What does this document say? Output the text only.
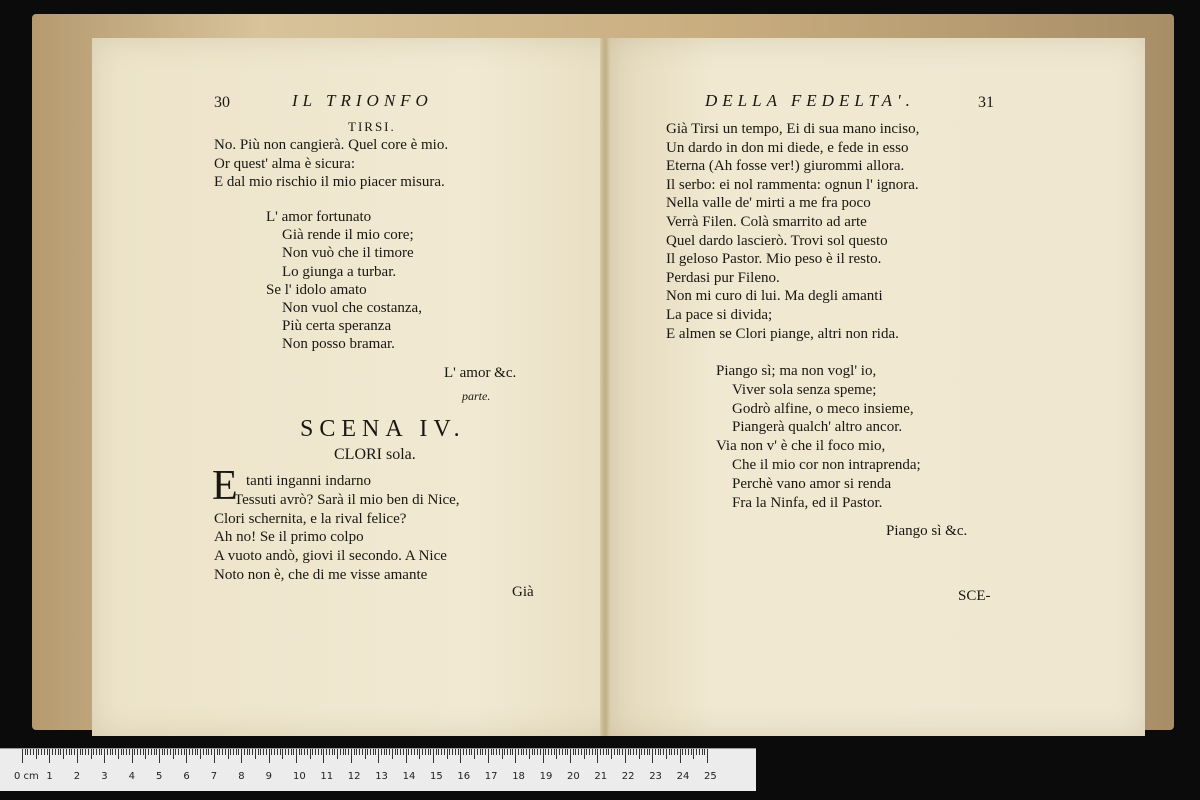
30	IL TRIONFO
TIRSI.
No. Più non cangierà. Quel core è mio.
Or quest' alma è sicura:
E dal mio rischio il mio piacer misura.
L' amor fortunato
Già rende il mio core;
Non vuò che il timore
Lo giunga a turbar.
Se l' idolo amato
Non vuol che costanza,
Più certa speranza
Non posso bramar.
L' amor &c.
parte.
SCENA IV.
CLORI sola.
E tanti inganni indarno
Tessuti avrò? Sarà il mio ben di Nice,
Clori schernita, e la rival felice?
Ah no! Se il primo colpo
A vuoto andò, giovi il secondo. A Nice
Noto non è, che di me visse amante
Già
DELLA FEDELTA'.	31
Già Tirsi un tempo, Ei di sua mano inciso,
Un dardo in don mi diede, e fede in esso
Eterna (Ah fosse ver!) giurommi allora.
Il serbo: ei nol rammenta: ognun l' ignora.
Nella valle de' mirti a me fra poco
Verrà Filen. Colà smarrito ad arte
Quel dardo lascierò. Trovi sol questo
Il geloso Pastor. Mio peso è il resto.
Perdasi pur Fileno.
Non mi curo di lui. Ma degli amanti
La pace si divida;
E almen se Clori piange, altri non rida.
Piango sì; ma non vogl' io,
Viver sola senza speme;
Godrò alfine, o meco insieme,
Piangerà qualch' altro ancor.
Via non v' è che il foco mio,
Che il mio cor non intraprenda;
Perchè vano amor si renda
Fra la Ninfa, ed il Pastor.
Piango sì &c.
SCE-
0 cm 1 2 3 4 5 6 7 8 9 10 11 12 13 14 15 16 17 18 19 20 21 22 23 24 25
